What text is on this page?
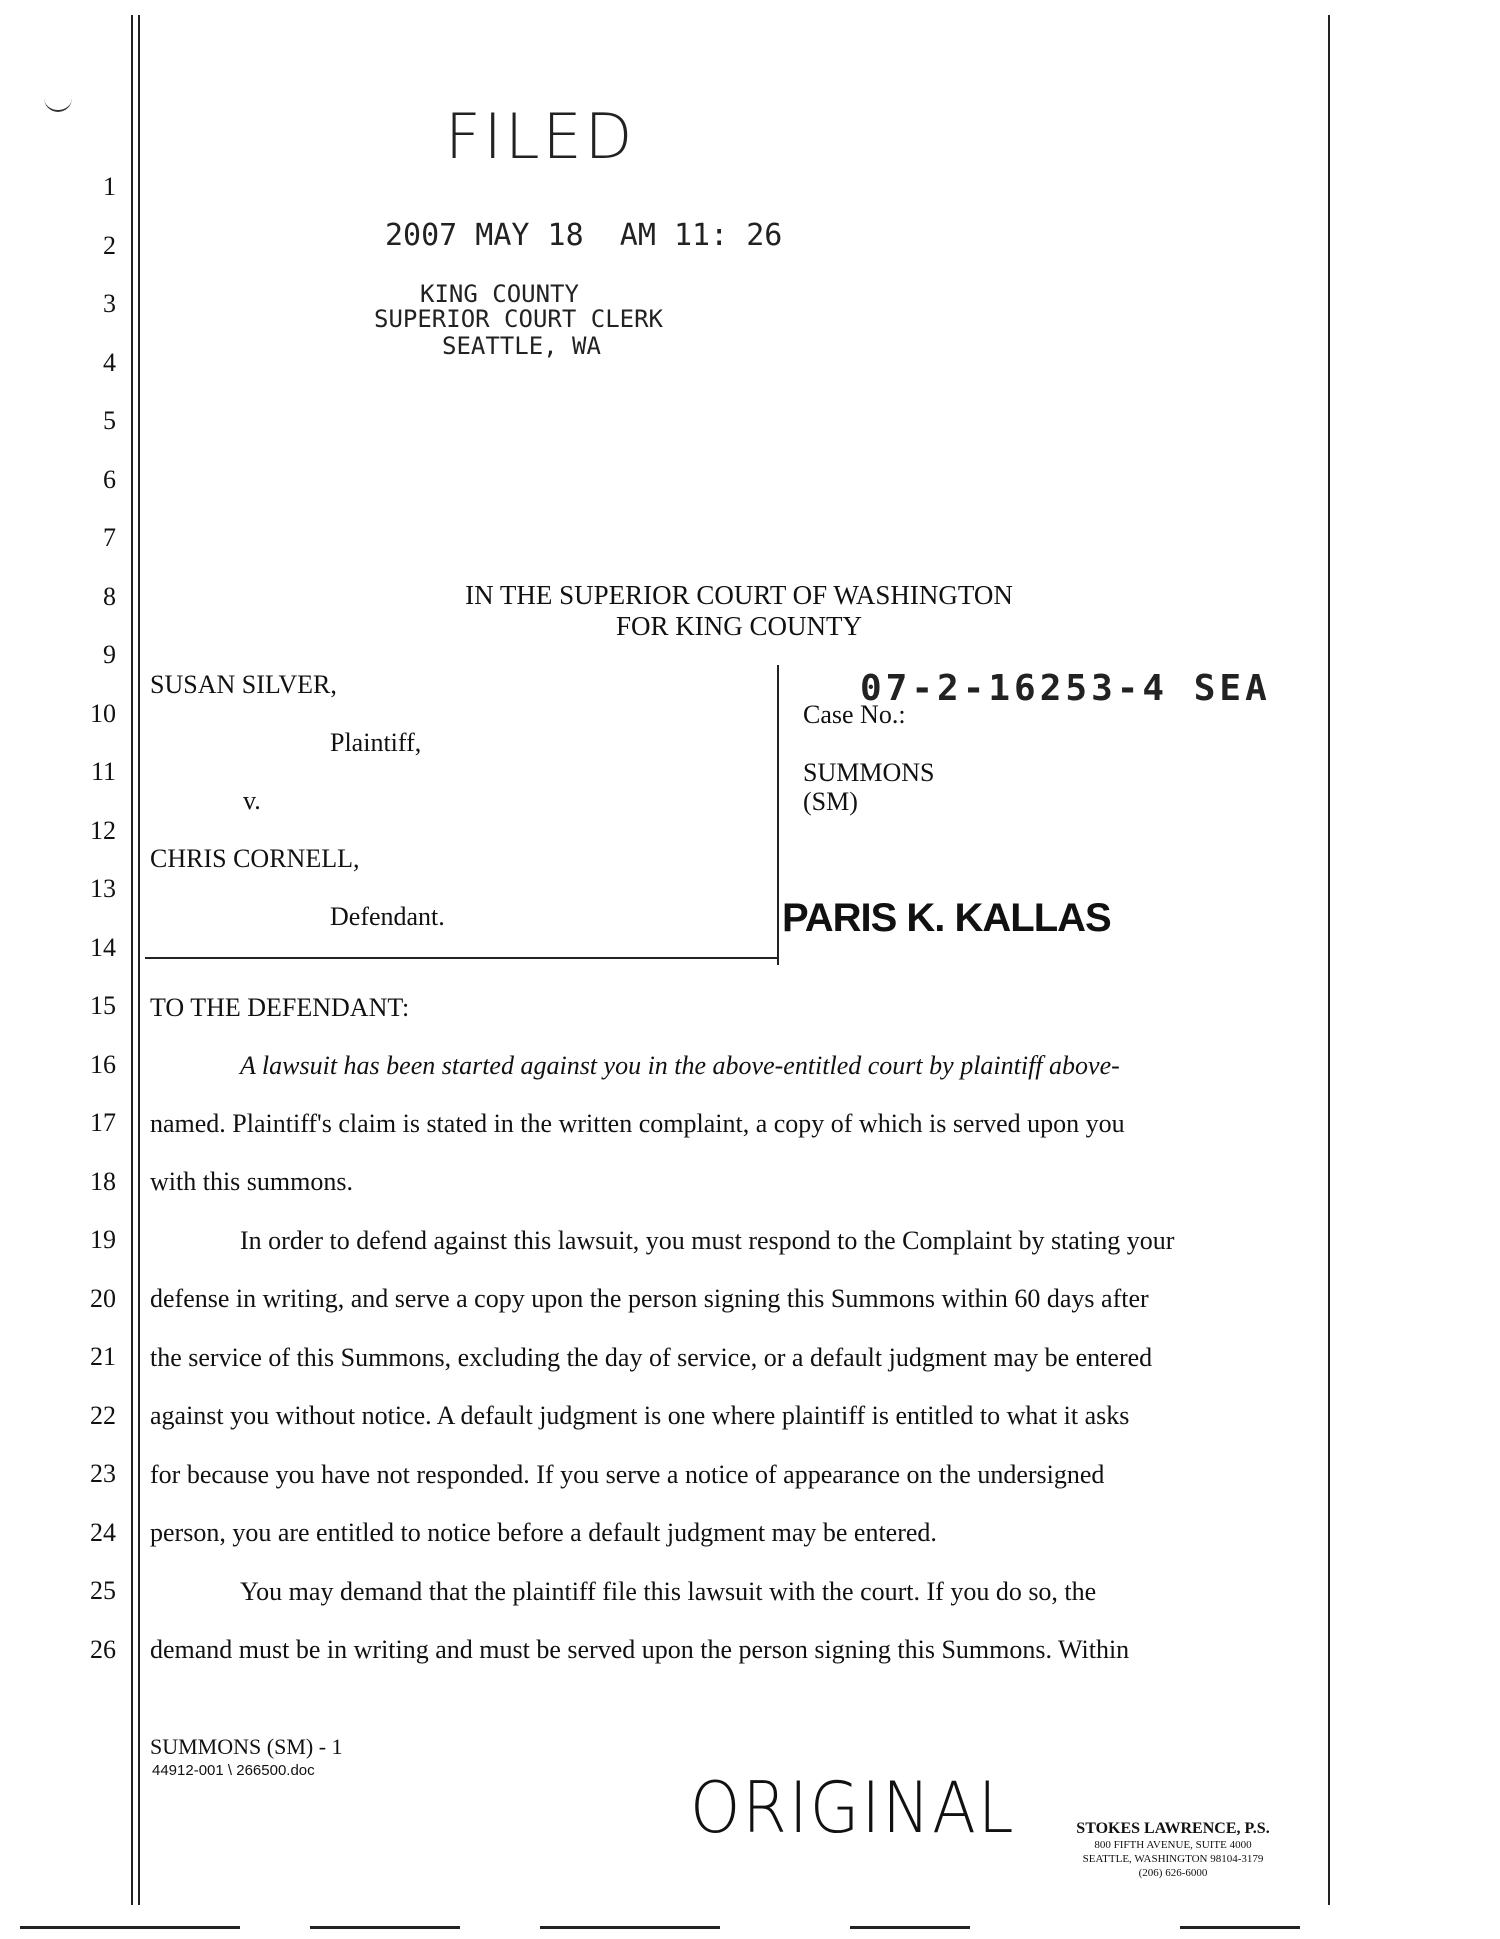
1
2
3
4
5
6
7
8
9
10
11
12
13
14
15
16
17
18
19
20
21
22
23
24
25
26
FILED
2007 MAY 18  AM 11: 26
KING COUNTY
SUPERIOR COURT CLERK
SEATTLE, WA
IN THE SUPERIOR COURT OF WASHINGTON
FOR KING COUNTY
SUSAN SILVER,
Plaintiff,
v.
CHRIS CORNELL,
Defendant.
Case No.:
07-2-16253-4 SEA
SUMMONS
(SM)
PARIS K. KALLAS
TO THE DEFENDANT:
A lawsuit has been started against you in the above-entitled court by plaintiff above-
named. Plaintiff's claim is stated in the written complaint, a copy of which is served upon you
with this summons.
In order to defend against this lawsuit, you must respond to the Complaint by stating your
defense in writing, and serve a copy upon the person signing this Summons within 60 days after
the service of this Summons, excluding the day of service, or a default judgment may be entered
against you without notice. A default judgment is one where plaintiff is entitled to what it asks
for because you have not responded. If you serve a notice of appearance on the undersigned
person, you are entitled to notice before a default judgment may be entered.
You may demand that the plaintiff file this lawsuit with the court. If you do so, the
demand must be in writing and must be served upon the person signing this Summons. Within
SUMMONS (SM) - 1
44912-001 \ 266500.doc	ORIGINAL	STOKES LAWRENCE, P.S.
800 FIFTH AVENUE, SUITE 4000
SEATTLE, WASHINGTON 98104-3179
(206) 626-6000
